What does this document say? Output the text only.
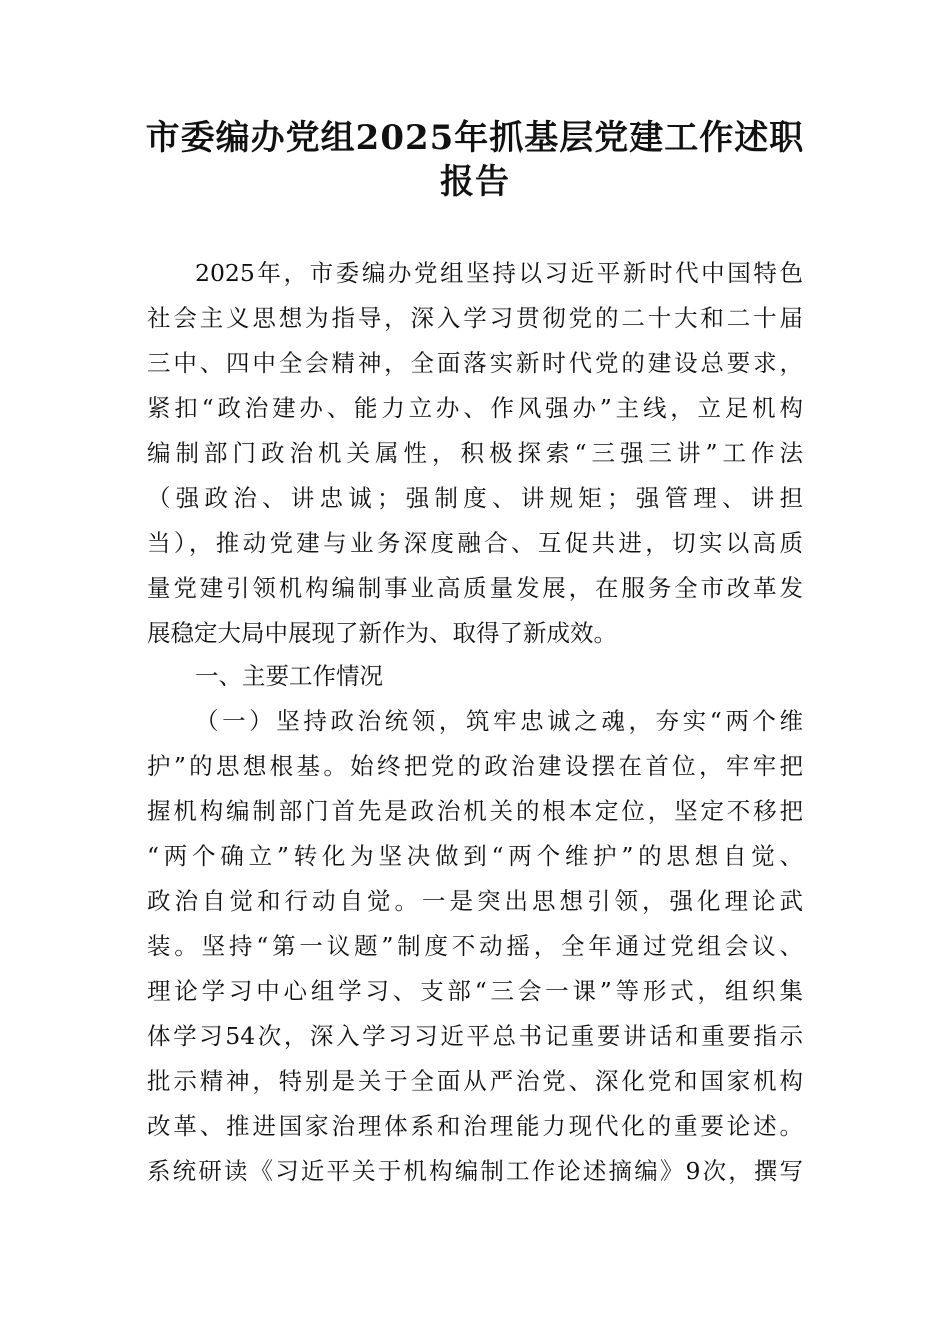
市委编办党组2025年抓基层党建工作述职
报告

2025年，市委编办党组坚持以习近平新时代中国特色

社会主义思想为指导，深入学习贯彻党的二十大和二十届

三中、四中全会精神，全面落实新时代党的建设总要求，

紧扣“政治建办、能力立办、作风强办”主线，立足机构

编制部门政治机关属性，积极探索“三强三讲”工作法

（强政治、讲忠诚；强制度、讲规矩；强管理、讲担

当），推动党建与业务深度融合、互促共进，切实以高质

量党建引领机构编制事业高质量发展，在服务全市改革发

展稳定大局中展现了新作为、取得了新成效。

一、主要工作情况

（一）坚持政治统领，筑牢忠诚之魂，夯实“两个维

护”的思想根基。始终把党的政治建设摆在首位，牢牢把

握机构编制部门首先是政治机关的根本定位，坚定不移把

“两个确立”转化为坚决做到“两个维护”的思想自觉、

政治自觉和行动自觉。一是突出思想引领，强化理论武

装。坚持“第一议题”制度不动摇，全年通过党组会议、

理论学习中心组学习、支部“三会一课”等形式，组织集

体学习54次，深入学习习近平总书记重要讲话和重要指示

批示精神，特别是关于全面从严治党、深化党和国家机构

改革、推进国家治理体系和治理能力现代化的重要论述。

系统研读《习近平关于机构编制工作论述摘编》9次，撰写
